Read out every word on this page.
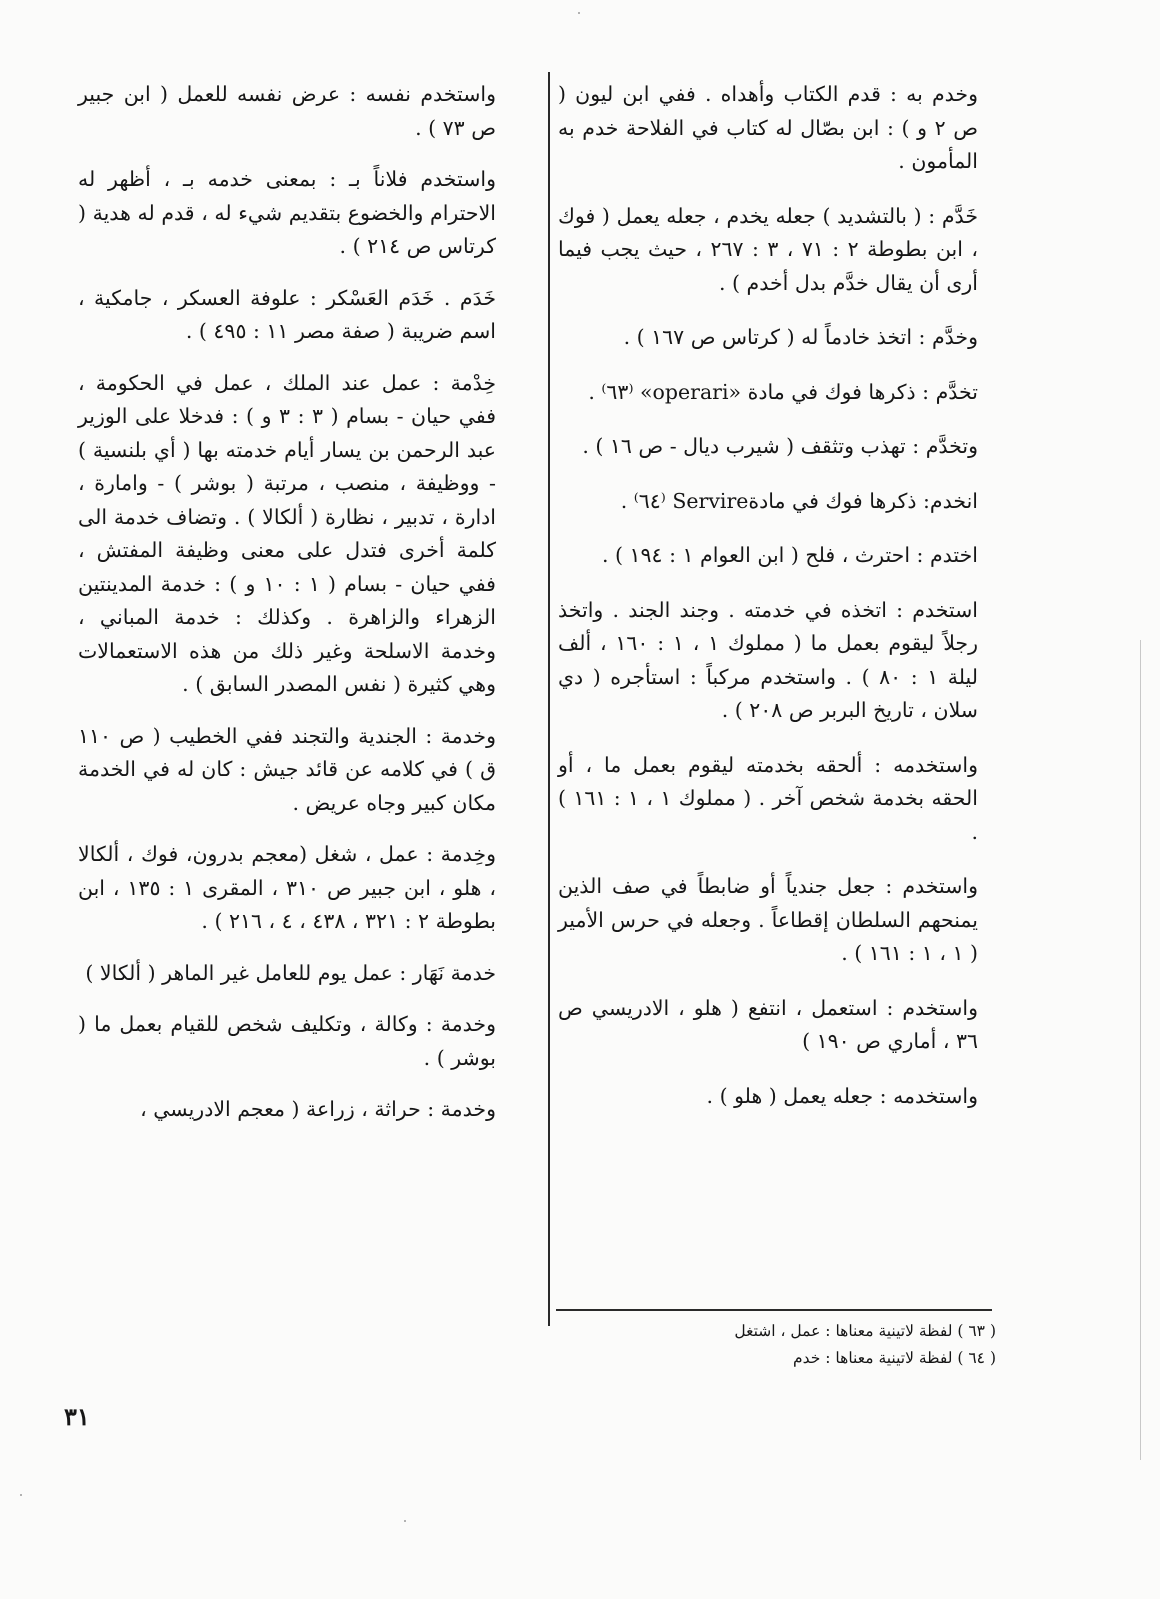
وخدم به : قدم الكتاب وأهداه . ففي ابن ليون ( ص ٢ و ) : ابن بصّال له كتاب في الفلاحة خدم به المأمون .

خَدَّم : ( بالتشديد ) جعله يخدم ، جعله يعمل ( فوك ، ابن بطوطة ٢ : ٧١ ، ٣ : ٢٦٧ ، حيث يجب فيما أرى أن يقال خدَّم بدل أخدم ) .

وخدَّم : اتخذ خادماً له ( كرتاس ص ١٦٧ ) .

تخدَّم : ذكرها فوك في مادة «operari» ⁽٦٣⁾ .

وتخدَّم : تهذب وتثقف ( شيرب ديال - ص ١٦ ) .

انخدم: ذكرها فوك في مادةServire ⁽٦٤⁾ .

اختدم : احترث ، فلح ( ابن العوام ١ : ١٩٤ ) .

استخدم : اتخذه في خدمته . وجند الجند . واتخذ رجلاً ليقوم بعمل ما ( مملوك ١ ، ١ : ١٦٠ ، ألف ليلة ١ : ٨٠ ) . واستخدم مركباً : استأجره ( دي سلان ، تاريخ البربر ص ٢٠٨ ) .

واستخدمه : ألحقه بخدمته ليقوم بعمل ما ، أو الحقه بخدمة شخص آخر . ( مملوك ١ ، ١ : ١٦١ ) .

واستخدم : جعل جندياً أو ضابطاً في صف الذين يمنحهم السلطان إقطاعاً . وجعله في حرس الأمير ( ١ ، ١ : ١٦١ ) .

واستخدم : استعمل ، انتفع ( هلو ، الادريسي ص ٣٦ ، أماري ص ١٩٠ )

واستخدمه : جعله يعمل ( هلو ) .

واستخدم نفسه : عرض نفسه للعمل ( ابن جبير ص ٧٣ ) .

واستخدم فلاناً بـ : بمعنى خدمه بـ ، أظهر له الاحترام والخضوع بتقديم شيء له ، قدم له هدية ( كرتاس ص ٢١٤ ) .

خَدَم . خَدَم العَسْكر : علوفة العسكر ، جامكية ، اسم ضريبة ( صفة مصر ١١ : ٤٩٥ ) .

خِدْمة : عمل عند الملك ، عمل في الحكومة ، ففي حيان - بسام ( ٣ : ٣ و ) : فدخلا على الوزير عبد الرحمن بن يسار أيام خدمته بها ( أي بلنسية ) - ووظيفة ، منصب ، مرتبة ( بوشر ) - وامارة ، ادارة ، تدبير ، نظارة ( ألكالا ) . وتضاف خدمة الى كلمة أخرى فتدل على معنى وظيفة المفتش ، ففي حيان - بسام ( ١ : ١٠ و ) : خدمة المدينتين الزهراء والزاهرة . وكذلك : خدمة المباني ، وخدمة الاسلحة وغير ذلك من هذه الاستعمالات وهي كثيرة ( نفس المصدر السابق ) .

وخدمة : الجندية والتجند ففي الخطيب ( ص ١١٠ ق ) في كلامه عن قائد جيش : كان له في الخدمة مكان كبير وجاه عريض .

وخِدمة : عمل ، شغل (معجم بدرون، فوك ، ألكالا ، هلو ، ابن جبير ص ٣١٠ ، المقرى ١ : ١٣٥ ، ابن بطوطة ٢ : ٣٢١ ، ٤٣٨ ، ٤ ، ٢١٦ ) .

خدمة نَهَار : عمل يوم للعامل غير الماهر ( ألكالا )

وخدمة : وكالة ، وتكليف شخص للقيام بعمل ما ( بوشر ) .

وخدمة : حراثة ، زراعة ( معجم الادريسي ،

( ٦٣ ) لفظة لاتينية معناها : عمل ، اشتغل
( ٦٤ ) لفظة لاتينية معناها : خدم
٣١
